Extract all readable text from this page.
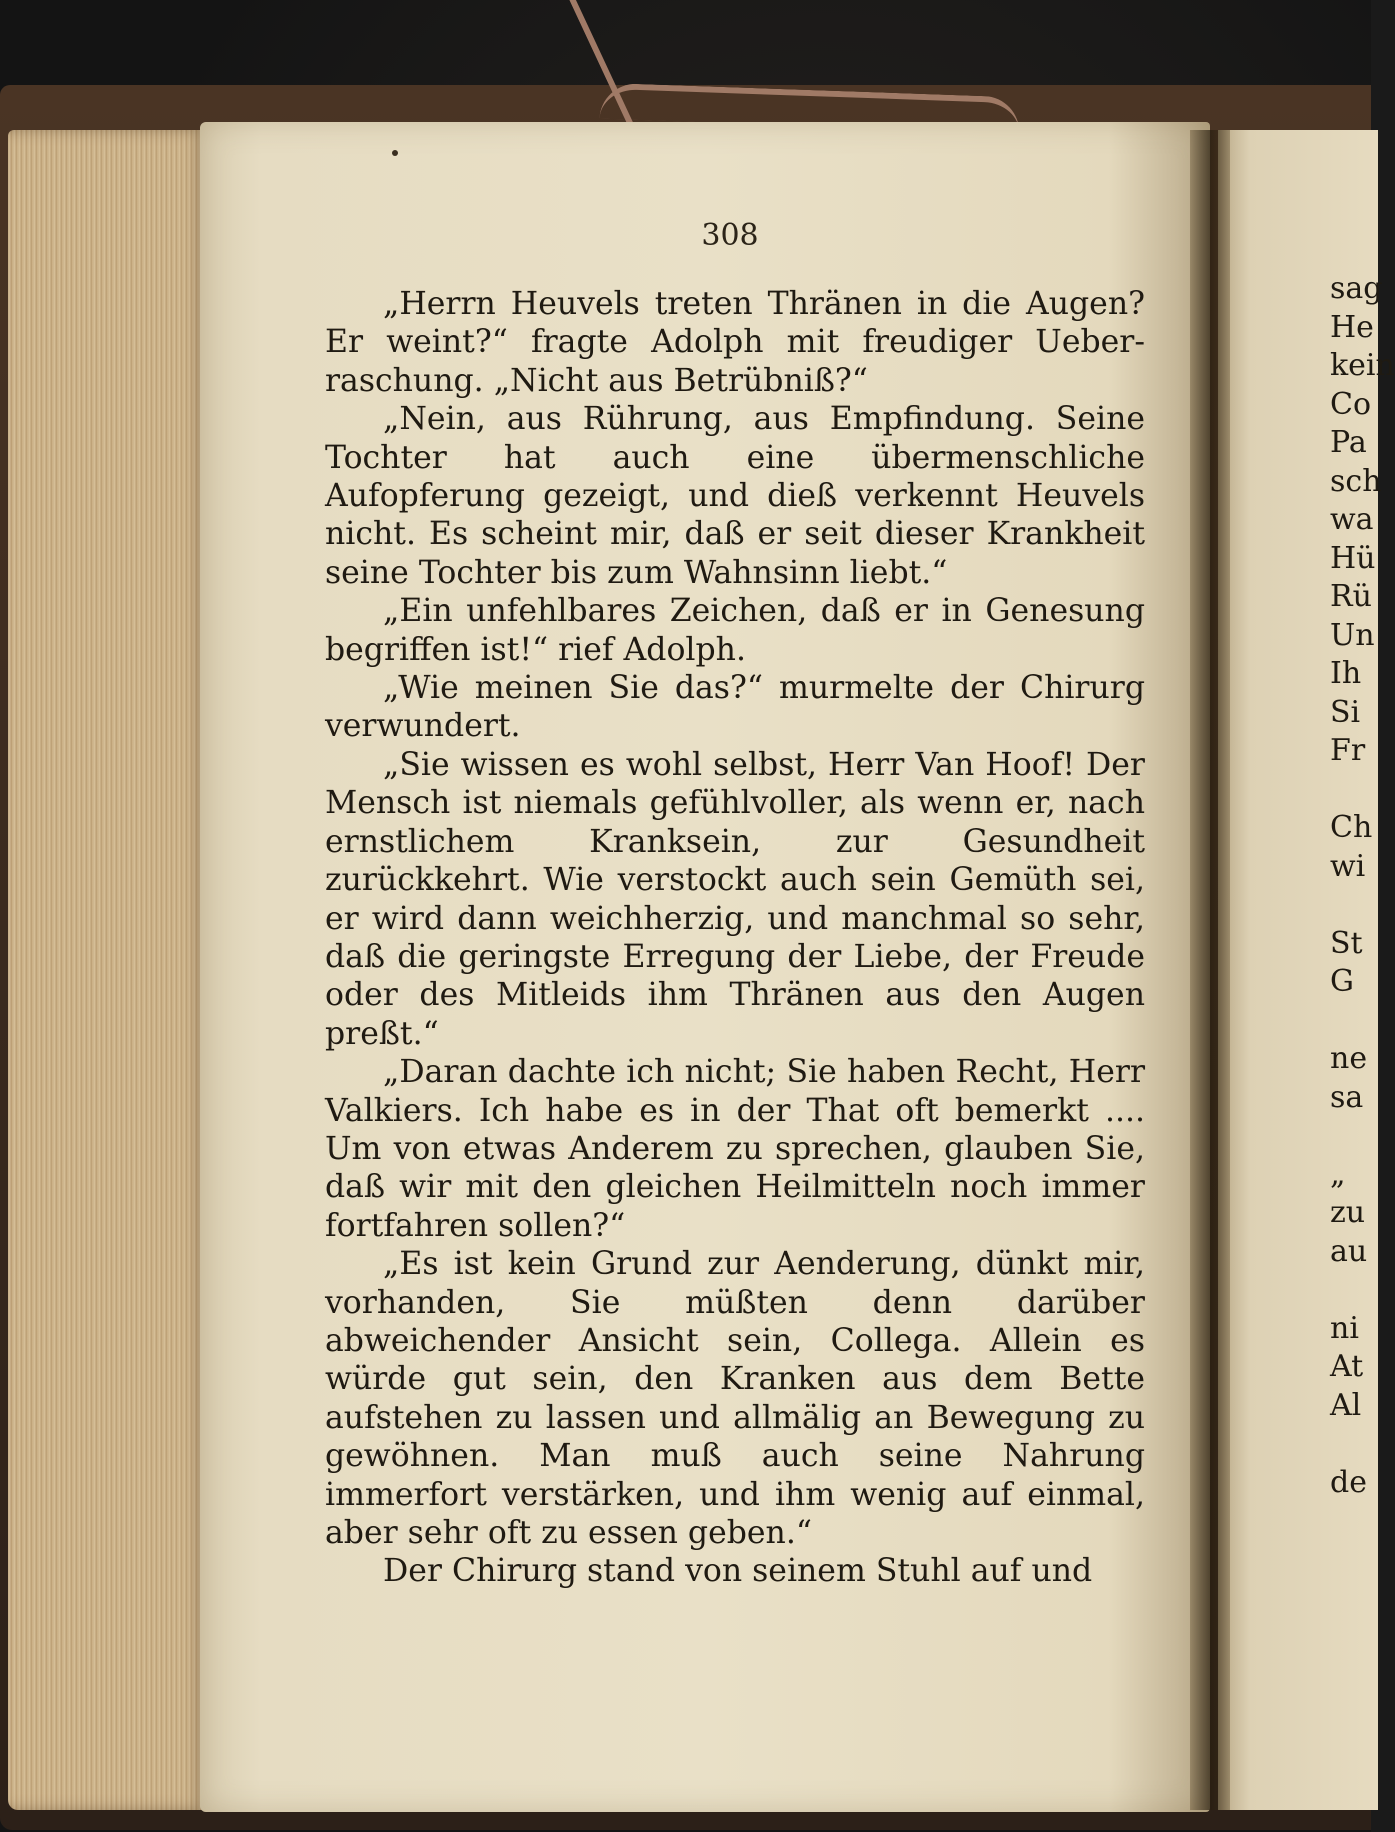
308

„Herrn Heuvels treten Thränen in die Augen? Er weint?“ fragte Adolph mit freudiger Ueber‐raschung. „Nicht aus Betrübniß?“

„Nein, aus Rührung, aus Empfindung. Seine Tochter hat auch eine übermenschliche Aufopferung gezeigt, und dieß verkennt Heuvels nicht. Es scheint mir, daß er seit dieser Krankheit seine Tochter bis zum Wahnsinn liebt.“

„Ein unfehlbares Zeichen, daß er in Genesung begriffen ist!“ rief Adolph.

„Wie meinen Sie das?“ murmelte der Chirurg verwundert.

„Sie wissen es wohl selbst, Herr Van Hoof! Der Mensch ist niemals gefühlvoller, als wenn er, nach ernstlichem Kranksein, zur Gesundheit zurückkehrt. Wie verstockt auch sein Gemüth sei, er wird dann weichherzig, und manchmal so sehr, daß die geringste Erregung der Liebe, der Freude oder des Mitleids ihm Thränen aus den Augen preßt.“

„Daran dachte ich nicht; Sie haben Recht, Herr Valkiers. Ich habe es in der That oft bemerkt .... Um von etwas Anderem zu sprechen, glauben Sie, daß wir mit den gleichen Heilmitteln noch immer fortfahren sollen?“

„Es ist kein Grund zur Aenderung, dünkt mir, vorhanden, Sie müßten denn darüber abweichender Ansicht sein, Collega. Allein es würde gut sein, den Kranken aus dem Bette aufstehen zu lassen und allmälig an Bewegung zu gewöhnen. Man muß auch seine Nahrung immerfort verstärken, und ihm wenig auf einmal, aber sehr oft zu essen geben.“

Der Chirurg stand von seinem Stuhl auf und

sag
He
kein
Co
Pa
sch
wa
Hü
Rü
Un
Ih
Si
Fr
Ch
wi
St
G
ne
sa
„
zu
au
ni
At
Al
de
